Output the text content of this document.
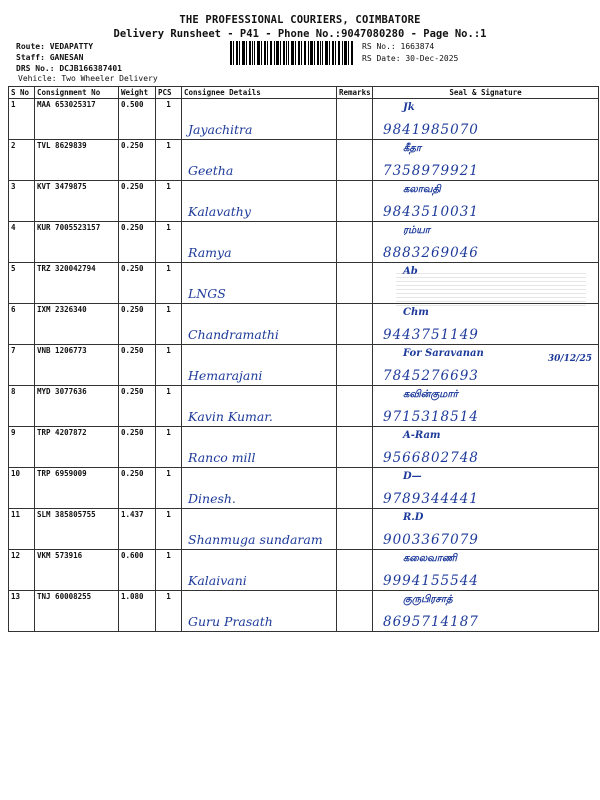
THE PROFESSIONAL COURIERS, COIMBATORE
Delivery Runsheet - P41 - Phone No.:9047080280 - Page No.:1
Route: VEDAPATTY
Staff: GANESAN
DRS No.: DCJB166387401
Vehicle: Two Wheeler Delivery
RS No.: 1663874
RS Date: 30-Dec-2025
S No	Consignment No	Weight	PCS	Consignee Details	Remarks	Seal & Signature
1	MAA 653025317	0.500	1	Jayachitra		Jk
9841985070

2	TVL 8629839	0.250	1	Geetha		கீதா
7358979921

3	KVT 3479875	0.250	1	Kalavathy		கலாவதி
9843510031

4	KUR 7005523157	0.250	1	Ramya		ரம்யா
8883269046

5	TRZ 320042794	0.250	1	LNGS		Ab

6	IXM 2326340	0.250	1	Chandramathi		Chm
9443751149

7	VNB 1206773	0.250	1	Hemarajani		For Saravanan 30/12/25
7845276693

8	MYD 3077636	0.250	1	Kavin Kumar.		கவின்குமார்
9715318514

9	TRP 4207872	0.250	1	Ranco mill		A-Ram
9566802748

10	TRP 6959009	0.250	1	Dinesh.		D—
9789344441

11	SLM 385805755	1.437	1	Shanmuga sundaram		R.D
9003367079

12	VKM 573916	0.600	1	Kalaivani		கலைவாணி
9994155544

13	TNJ 60008255	1.080	1	Guru Prasath		குருபிரசாத்
8695714187
